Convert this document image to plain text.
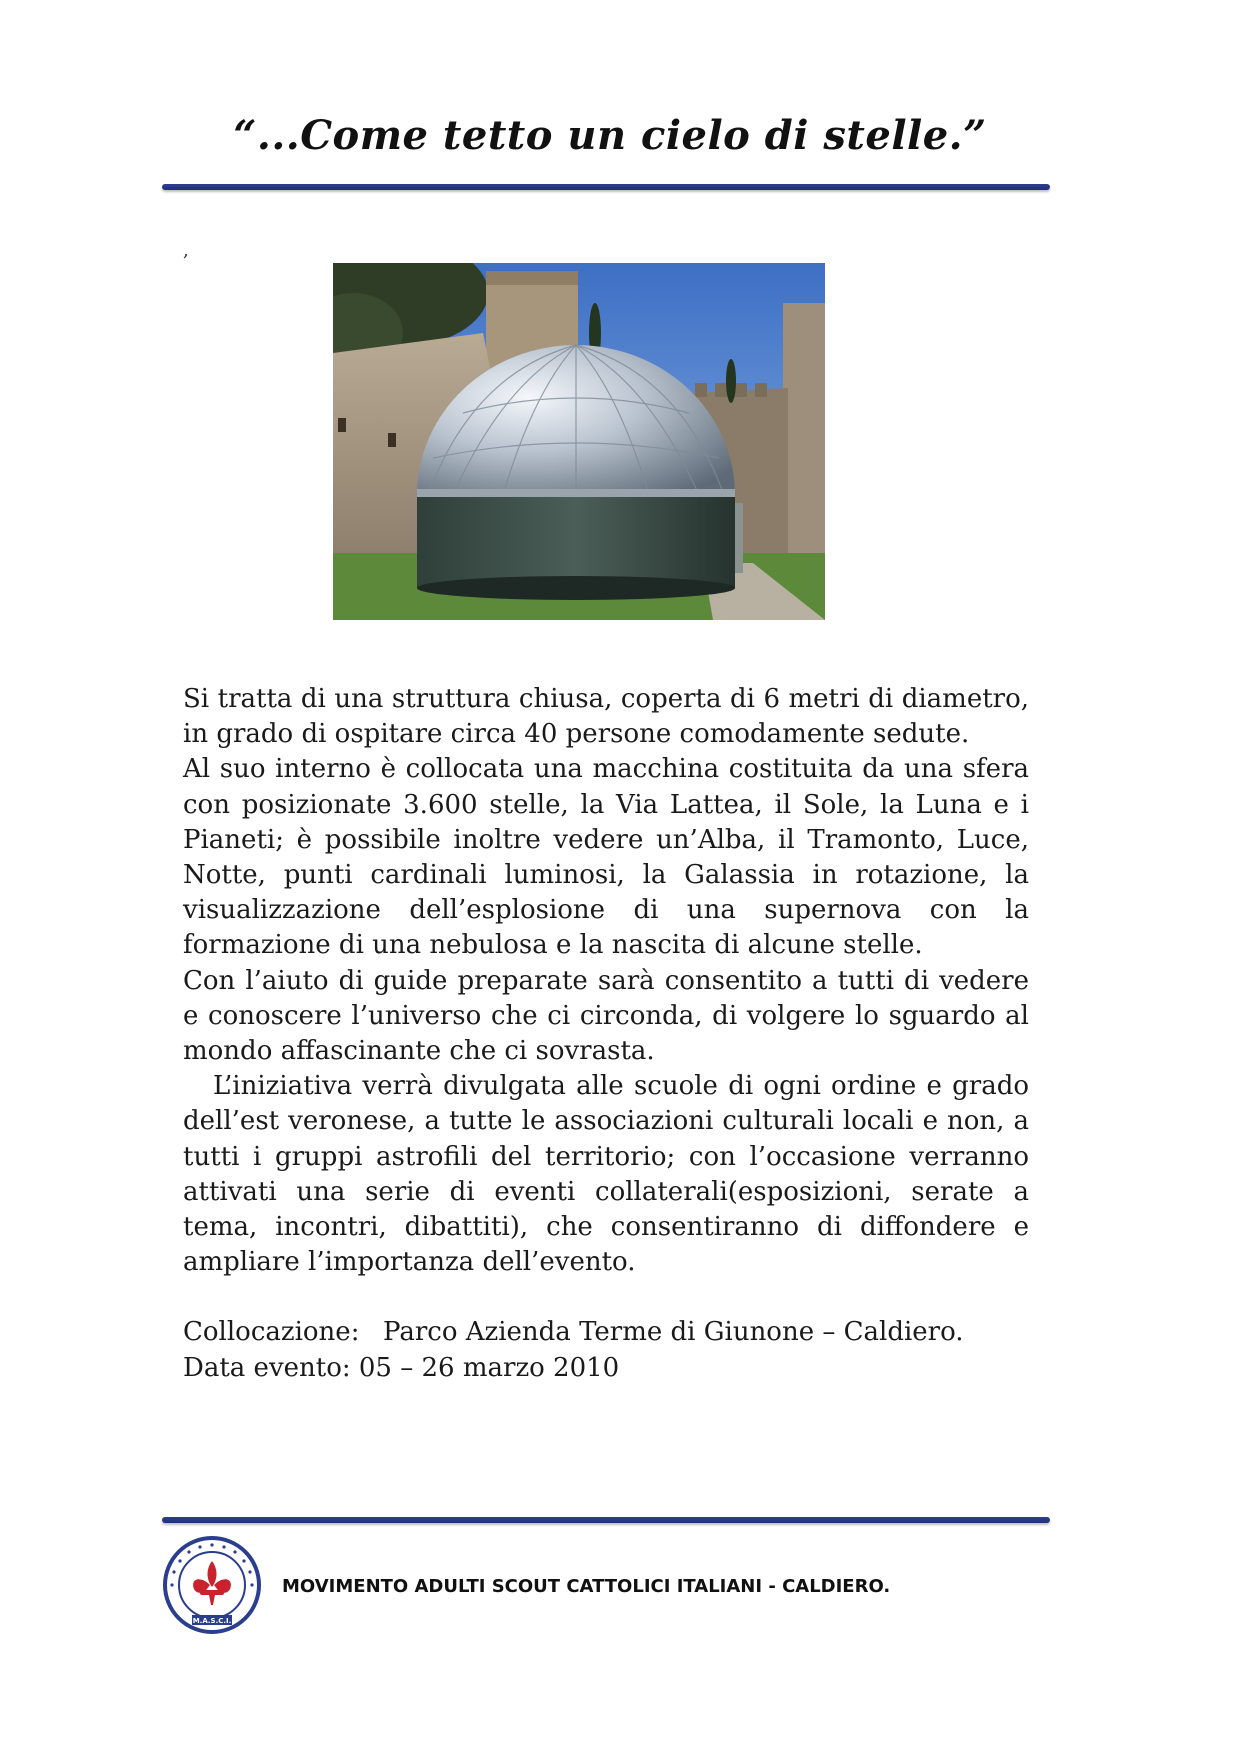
“...Come tetto un cielo di stelle.”
,

Si tratta di una struttura chiusa, coperta di 6 metri di diametro, in grado di ospitare circa 40 persone comodamente sedute.

Al suo interno è collocata una macchina costituita da una sfera con posizionate 3.600 stelle, la Via Lattea, il Sole, la Luna e i Pianeti; è possibile inoltre vedere un’Alba, il Tramonto, Luce, Notte, punti cardinali luminosi, la Galassia in rotazione, la visualizzazione dell’esplosione di una supernova con la formazione di una nebulosa e la nascita di alcune stelle.

Con l’aiuto di guide preparate sarà consentito a tutti di vedere e conoscere l’universo che ci circonda, di volgere lo sguardo al mondo affascinante che ci sovrasta.

L’iniziativa verrà divulgata alle scuole di ogni ordine e grado dell’est veronese, a tutte le associazioni culturali locali e non, a tutti i gruppi astrofili del territorio; con l’occasione verranno attivati una serie di eventi collaterali(esposizioni, serate a tema, incontri, dibattiti), che consentiranno di diffondere e ampliare l’importanza dell’evento.

Collocazione: Parco Azienda Terme di Giunone – Caldiero.
Data evento: 05 – 26 marzo 2010
M.A.S.C.I.
MOVIMENTO ADULTI SCOUT CATTOLICI ITALIANI - CALDIERO.
